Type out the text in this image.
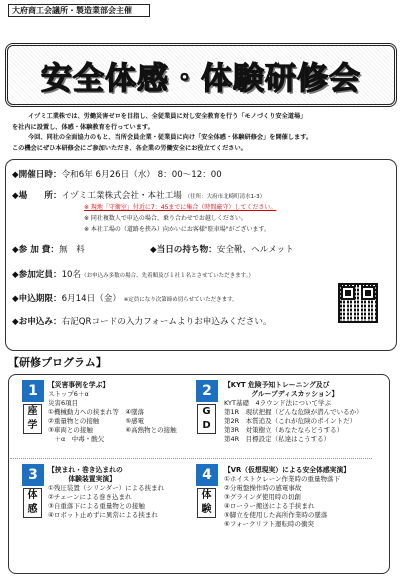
大府商工会議所・製造業部会主催
安全体感・体験研修会

イヅミ工業株では、労働災害ゼロを目指し、全従業員に対し安全教育を行う「モノづくり安全道場」

を社内に設置し、体感・体験教育を行っています。

今回、同社の全面協力のもと、当所会員企業・従業員に向け「安全体感・体験研修会」を開催します。

この機会にぜひ本研修会にご参加いただき、各企業の労働安全にお役立てください。

◆開催日時：令和6年 6月26日（水） 8：00～12：00
◆場　　所：イヅミ工業株式会社・本社工場 （住所：大府市北崎町清水1-3）
※ 現地「守衛室」付近に7：45までに集合（時間厳守）してください。
※ 同社複数人で申込の場合、乗り合わせでお越しください。
※ 本社工場の（道路を挟み）向かいにお客様"駐車場"がございます。
◆参 加 費：無　料	◆当日の持ち物：安全靴、ヘルメット
◆参加定員：10名（お申込み多数の場合、先着順及び１社１名とさせていただきます。）
◆申込期限：6月14日（金） ※定員になり次第締め切らせていただきます。
◆お申込み：右記QRコードの入力フォームよりお申込みください。
【研修プログラム】
1
座
学
【災害事例を学ぶ】
ストップ6＋α
災害6項目
①機械動力への挟まれ等　④墜落
②重量物との接触　　　　⑤感電
③車両との接触　　　　　⑥高熱物との接触
　＋α　中毒・酸欠
2
G
D
【KYT 危険予知トレーニング及び
　　　　グループディスカッション】
KYT基礎　4ラウンド法について学ぶ
第1R　現状把握（どんな危険が潜んでいるか）
第2R　本質追及（これが危険のポイントだ）
第3R　対策樹立（あなたならどうする）
第4R　目標設定（私達はこうする）
3
体
感
【挟まれ・巻き込まれの
　　　体験装置実演】
①残圧装置（シリンダー）による挟まれ
②チェーンによる巻き込まれ
③自重落下による重量物との接触
④ロボット止めずに異常による挟まれ
4
体
験
【VR（仮想現実）による安全体感実演】
①ホイストクレーン作業時の重量物落下
②分電盤操作時の感電事故
③グラインダ使用時の切創
④ローラー搬送による手挟まれ
⑤脚立を使用した高所作業時の墜落
⑥フォークリフト運転時の衝突
